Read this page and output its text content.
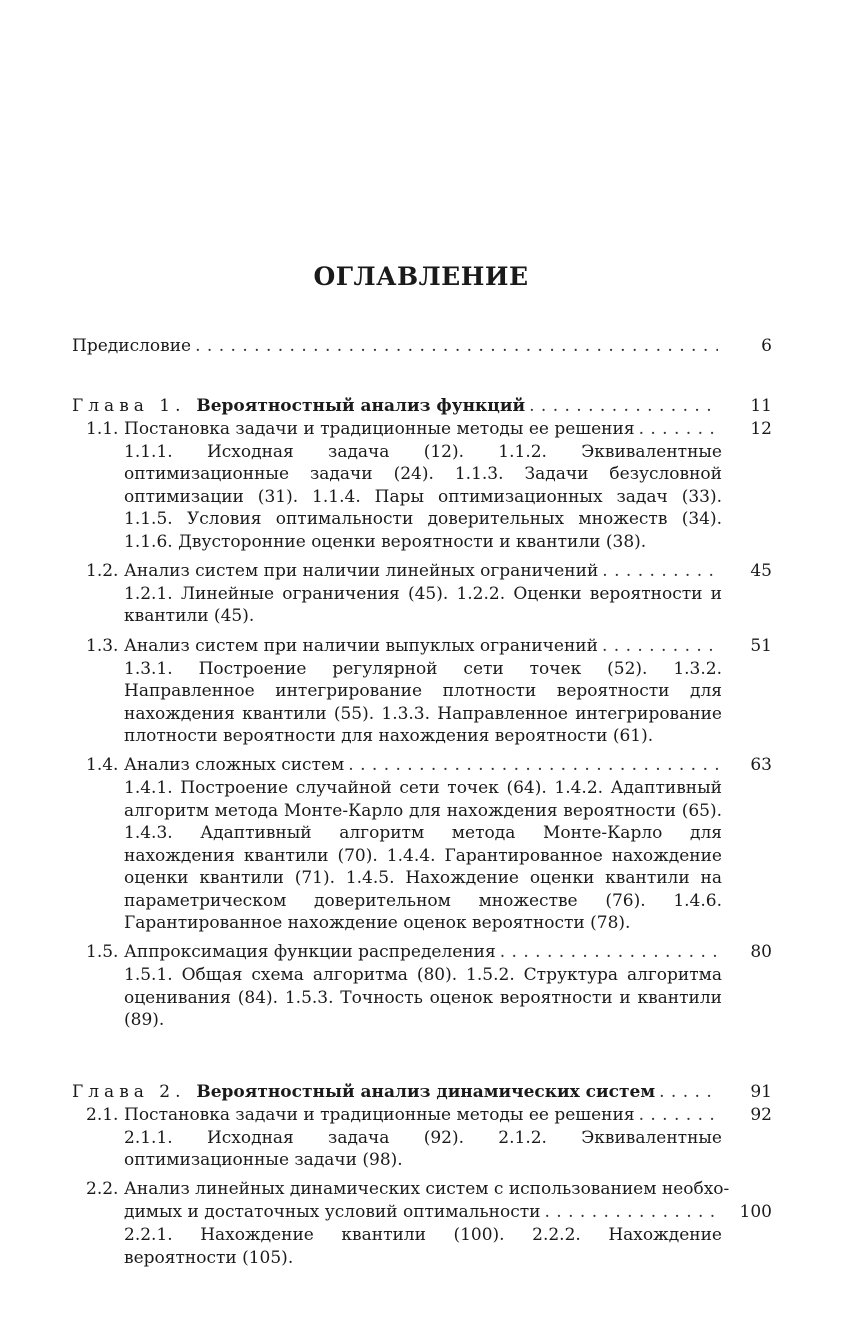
ОГЛАВЛЕНИЕ
Предисловие . . .	6
Глава 1. Вероятностный анализ функций . . .	11
1.1. Постановка задачи и традиционные методы ее решения . . .	12
1.1.1. Исходная задача (12). 1.1.2. Эквивалентные оптимизационные задачи (24). 1.1.3. Задачи безусловной оптимизации (31). 1.1.4. Пары оптимизационных задач (33). 1.1.5. Условия оптимальности доверительных множеств (34). 1.1.6. Двусторонние оценки вероятности и квантили (38).
1.2. Анализ систем при наличии линейных ограничений . . .	45
1.2.1. Линейные ограничения (45). 1.2.2. Оценки вероятности и квантили (45).
1.3. Анализ систем при наличии выпуклых ограничений . . .	51
1.3.1. Построение регулярной сети точек (52). 1.3.2. Направленное интегрирование плотности вероятности для нахождения квантили (55). 1.3.3. Направленное интегрирование плотности вероятности для нахождения вероятности (61).
1.4. Анализ сложных систем . . .	63
1.4.1. Построение случайной сети точек (64). 1.4.2. Адаптивный алгоритм метода Монте-Карло для нахождения вероятности (65). 1.4.3. Адаптивный алгоритм метода Монте-Карло для нахождения квантили (70). 1.4.4. Гарантированное нахождение оценки квантили (71). 1.4.5. Нахождение оценки квантили на параметрическом доверительном множестве (76). 1.4.6. Гарантированное нахождение оценок вероятности (78).
1.5. Аппроксимация функции распределения . . .	80
1.5.1. Общая схема алгоритма (80). 1.5.2. Структура алгоритма оценивания (84). 1.5.3. Точность оценок вероятности и квантили (89).
Глава 2. Вероятностный анализ динамических систем . . .	91
2.1. Постановка задачи и традиционные методы ее решения . . .	92
2.1.1. Исходная задача (92). 2.1.2. Эквивалентные оптимизационные задачи (98).
2.2. Анализ линейных динамических систем с использованием необхо-
димых и достаточных условий оптимальности . . .	100
2.2.1. Нахождение квантили (100). 2.2.2. Нахождение вероятности (105).
